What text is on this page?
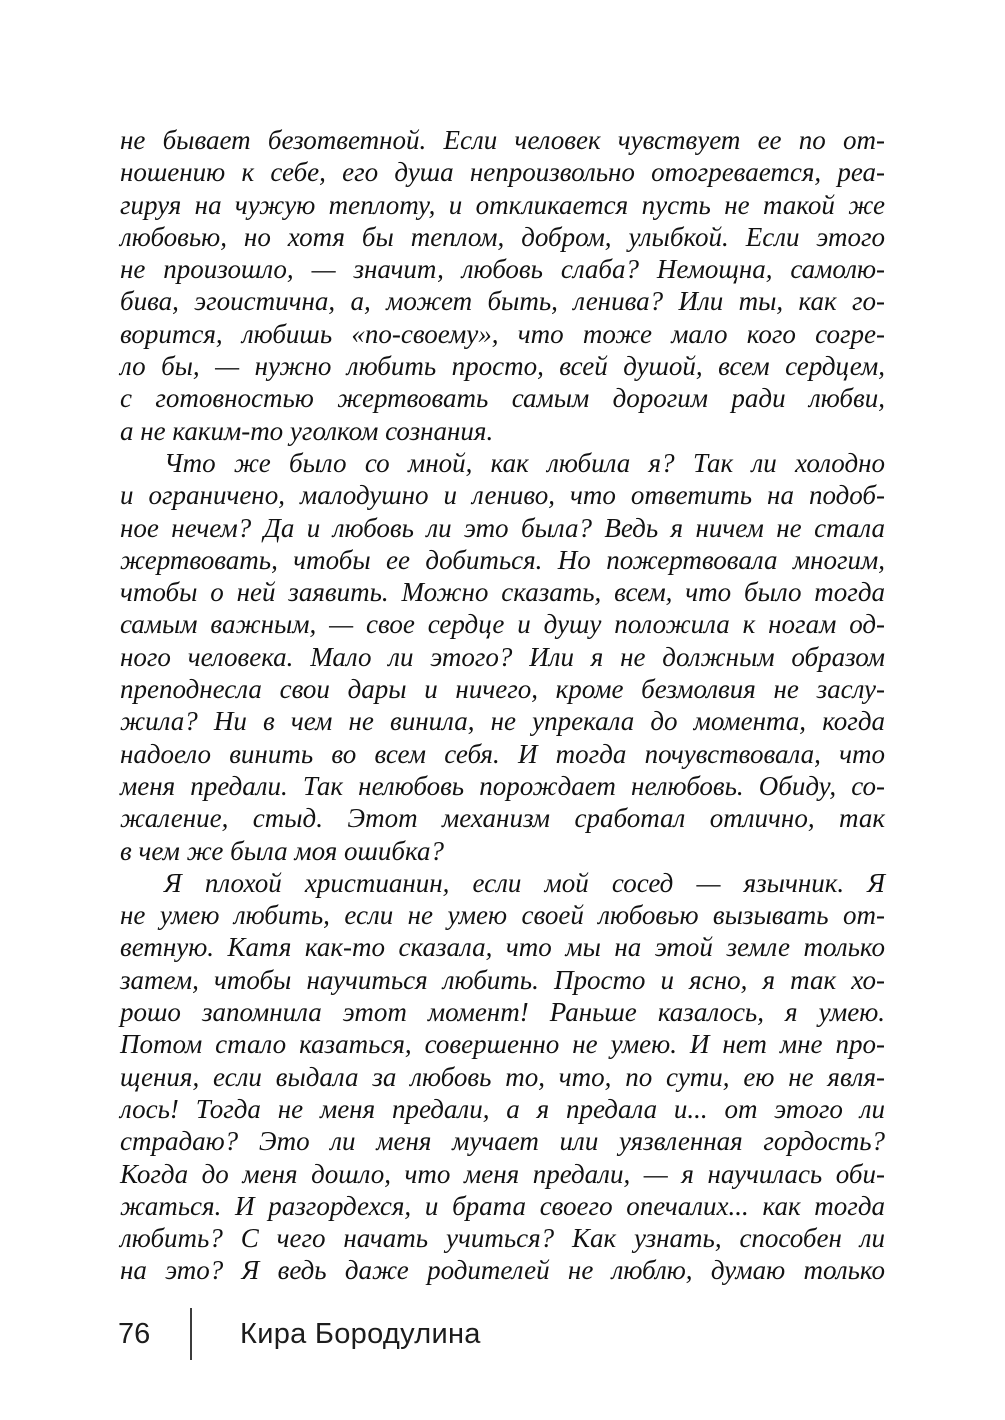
не бывает безответной. Если человек чувствует ее по от-
ношению к себе, его душа непроизвольно отогревается, реа-
гируя на чужую теплоту, и откликается пусть не такой же
любовью, но хотя бы теплом, добром, улыбкой. Если этого
не произошло, — значит, любовь слаба? Немощна, самолю-
бива, эгоистична, а, может быть, ленива? Или ты, как го-
ворится, любишь «по-своему», что тоже мало кого согре-
ло бы, — нужно любить просто, всей душой, всем сердцем,
с готовностью жертвовать самым дорогим ради любви,
а не каким-то уголком сознания.
Что же было со мной, как любила я? Так ли холодно
и ограничено, малодушно и лениво, что ответить на подоб-
ное нечем? Да и любовь ли это была? Ведь я ничем не стала
жертвовать, чтобы ее добиться. Но пожертвовала многим,
чтобы о ней заявить. Можно сказать, всем, что было тогда
самым важным, — свое сердце и душу положила к ногам од-
ного человека. Мало ли этого? Или я не должным образом
преподнесла свои дары и ничего, кроме безмолвия не заслу-
жила? Ни в чем не винила, не упрекала до момента, когда
надоело винить во всем себя. И тогда почувствовала, что
меня предали. Так нелюбовь порождает нелюбовь. Обиду, со-
жаление, стыд. Этот механизм сработал отлично, так
в чем же была моя ошибка?
Я плохой христианин, если мой сосед — язычник. Я
не умею любить, если не умею своей любовью вызывать от-
ветную. Катя как-то сказала, что мы на этой земле только
затем, чтобы научиться любить. Просто и ясно, я так хо-
рошо запомнила этот момент! Раньше казалось, я умею.
Потом стало казаться, совершенно не умею. И нет мне про-
щения, если выдала за любовь то, что, по сути, ею не явля-
лось! Тогда не меня предали, а я предала и... от этого ли
страдаю? Это ли меня мучает или уязвленная гордость?
Когда до меня дошло, что меня предали, — я научилась оби-
жаться. И разгордехся, и брата своего опечалих... как тогда
любить? С чего начать учиться? Как узнать, способен ли
на это? Я ведь даже родителей не люблю, думаю только
76	Кира Бородулина
